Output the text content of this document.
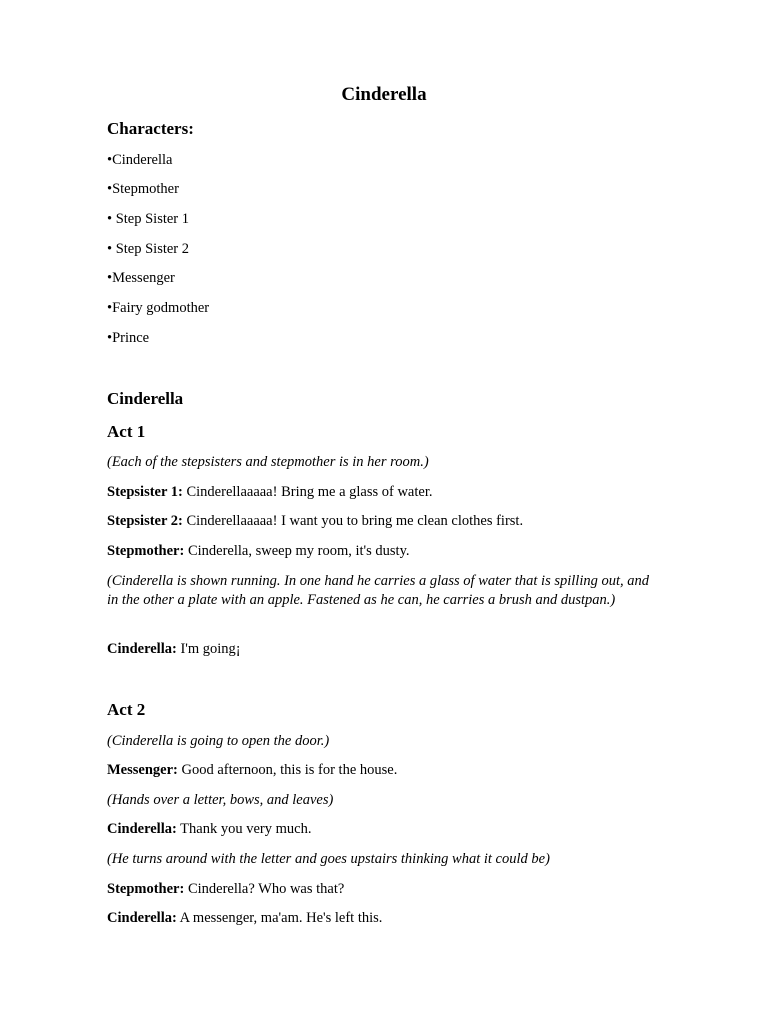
Cinderella
Characters:
•Cinderella
•Stepmother
• Step Sister 1
• Step Sister 2
•Messenger
•Fairy godmother
•Prince
Cinderella
Act 1
(Each of the stepsisters and stepmother is in her room.)
Stepsister 1: Cinderellaaaaa! Bring me a glass of water.
Stepsister 2: Cinderellaaaaa! I want you to bring me clean clothes first.
Stepmother: Cinderella, sweep my room, it's dusty.
(Cinderella is shown running. In one hand he carries a glass of water that is spilling out, and in the other a plate with an apple. Fastened as he can, he carries a brush and dustpan.)
Cinderella: I'm going¡
Act 2
(Cinderella is going to open the door.)
Messenger: Good afternoon, this is for the house.
(Hands over a letter, bows, and leaves)
Cinderella: Thank you very much.
(He turns around with the letter and goes upstairs thinking what it could be)
Stepmother: Cinderella? Who was that?
Cinderella: A messenger, ma'am. He's left this.
